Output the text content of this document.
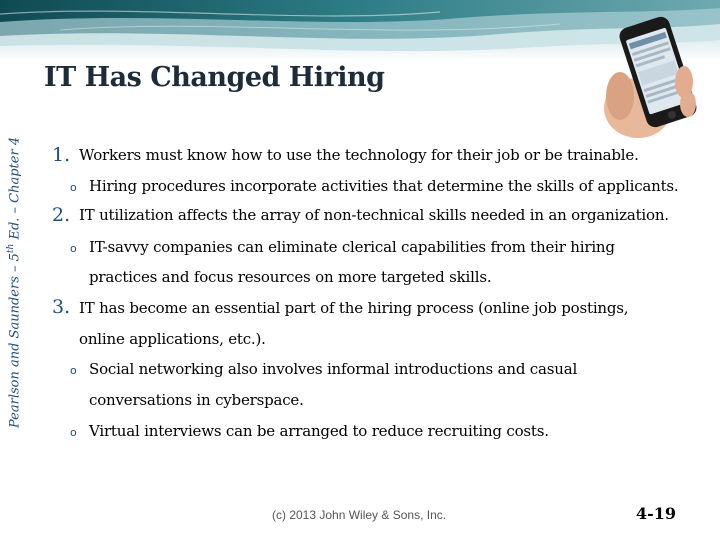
IT Has Changed Hiring
Pearlson and Saunders – 5th Ed. – Chapter 4 1. Workers must know how to use the technology for their job or be trainable.
o Hiring procedures incorporate activities that determine the skills of applicants.
2. IT utilization affects the array of non-technical skills needed in an organization.
o IT-savvy companies can eliminate clerical capabilities from their hiring
practices and focus resources on more targeted skills.
3. IT has become an essential part of the hiring process (online job postings,
online applications, etc.).
o Social networking also involves informal introductions and casual
conversations in cyberspace.
o Virtual interviews can be arranged to reduce recruiting costs.
(c) 2013 John Wiley & Sons, Inc.	4-19
